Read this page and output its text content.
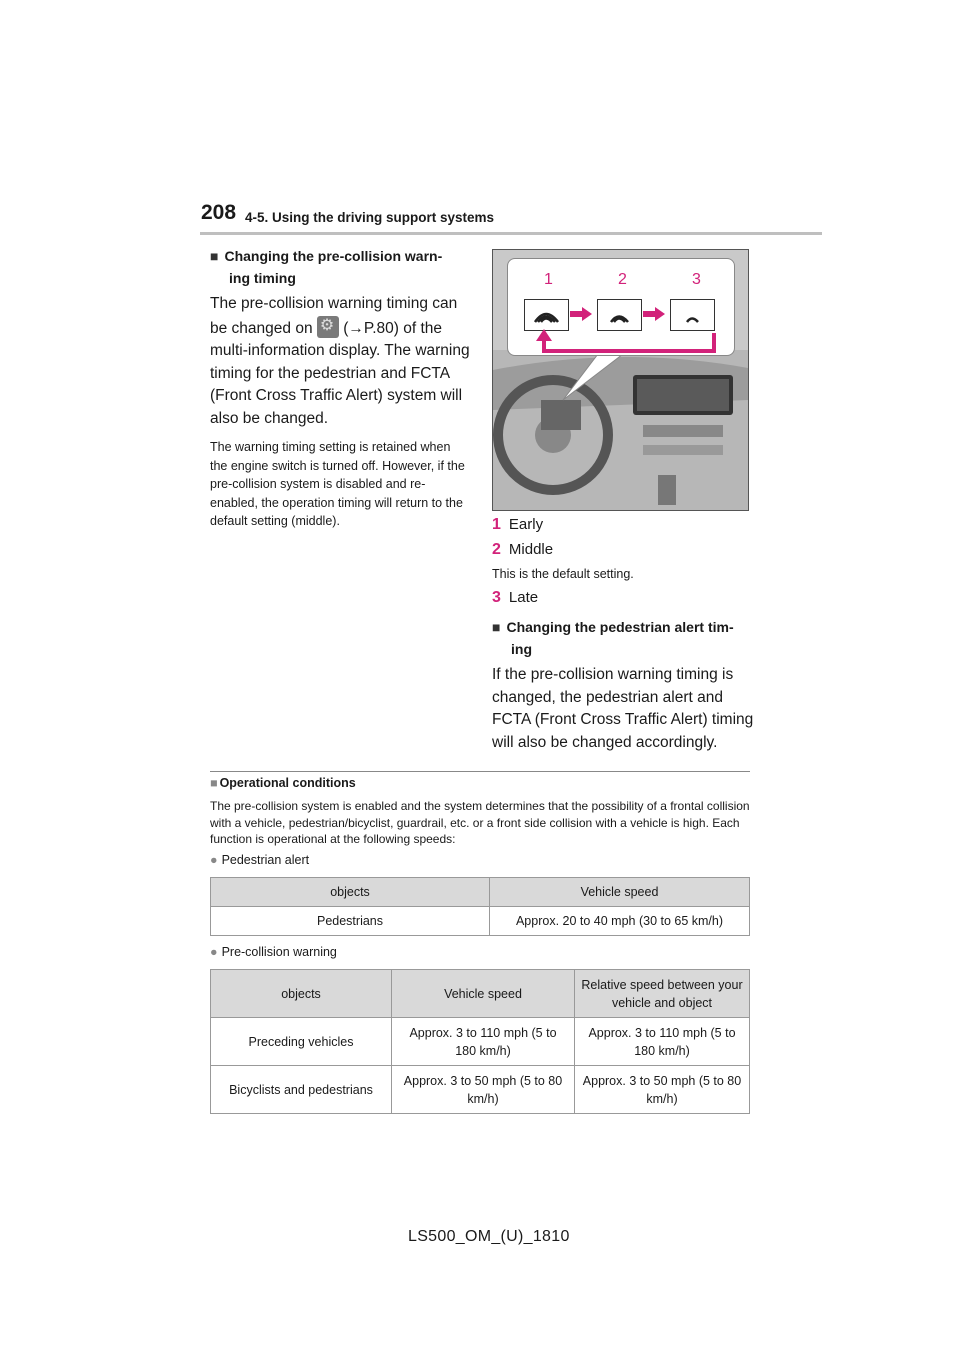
208 4-5. Using the driving support systems
■ Changing the pre-collision warn-
ing timing
The pre-collision warning timing can be changed on ⚙ (→P.80) of the multi-information display. The warning timing for the pedestrian and FCTA (Front Cross Traffic Alert) system will also be changed.
The warning timing setting is retained when the engine switch is turned off. However, if the pre-collision system is disabled and re-enabled, the operation timing will return to the default setting (middle).
1	2	3
1 Early
2 Middle
This is the default setting.
3 Late
■ Changing the pedestrian alert tim-
ing
If the pre-collision warning timing is changed, the pedestrian alert and FCTA (Front Cross Traffic Alert) timing will also be changed accordingly.
■ Operational conditions
The pre-collision system is enabled and the system determines that the possibility of a frontal collision with a vehicle, pedestrian/bicyclist, guardrail, etc. or a front side collision with a vehicle is high. Each function is operational at the following speeds:
● Pedestrian alert
objects	Vehicle speed
Pedestrians	Approx. 20 to 40 mph (30 to 65 km/h)
● Pre-collision warning
objects	Vehicle speed	Relative speed between your vehicle and object
Preceding vehicles	Approx. 3 to 110 mph (5 to 180 km/h)	Approx. 3 to 110 mph (5 to 180 km/h)
Bicyclists and pedestrians	Approx. 3 to 50 mph (5 to 80 km/h)	Approx. 3 to 50 mph (5 to 80 km/h)
LS500_OM_(U)_1810
